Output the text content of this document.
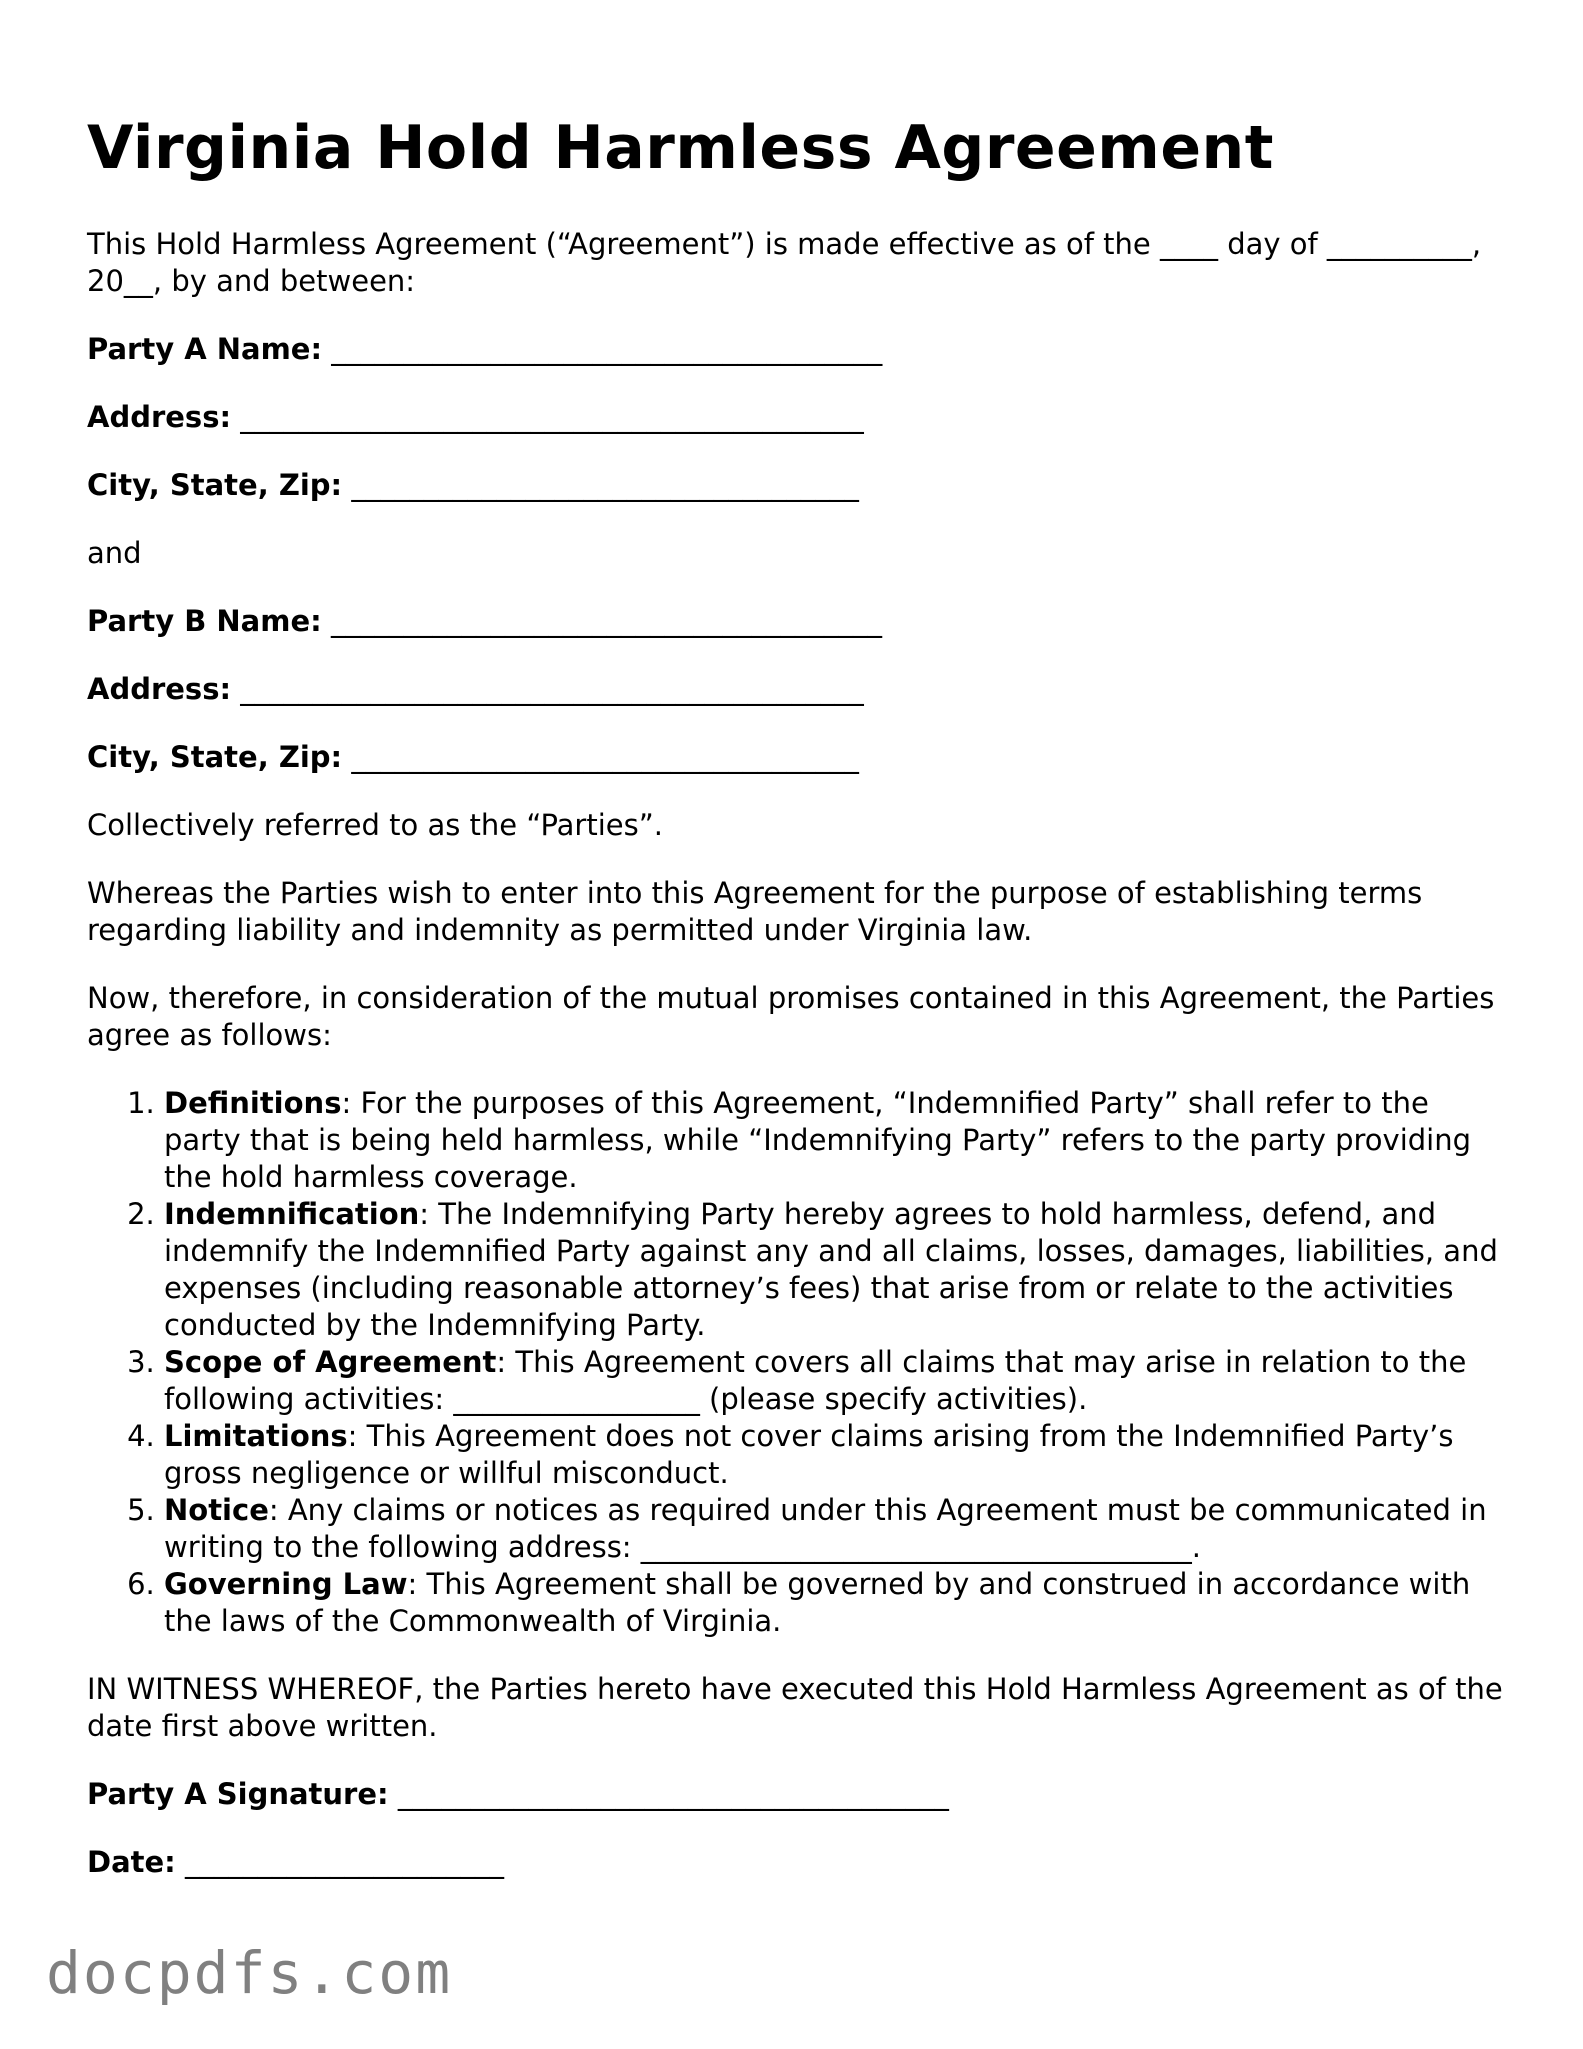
Virginia Hold Harmless Agreement

This Hold Harmless Agreement (“Agreement”) is made effective as of the ____ day of __________, 20__, by and between:

Party A Name: ______________________________________
Address: ___________________________________________
City, State, Zip: ___________________________________

and

Party B Name: ______________________________________
Address: ___________________________________________
City, State, Zip: ___________________________________

Collectively referred to as the “Parties”.

Whereas the Parties wish to enter into this Agreement for the purpose of establishing terms regarding liability and indemnity as permitted under Virginia law.

Now, therefore, in consideration of the mutual promises contained in this Agreement, the Parties agree as follows:

1. Definitions: For the purposes of this Agreement, “Indemnified Party” shall refer to the party that is being held harmless, while “Indemnifying Party” refers to the party providing the hold harmless coverage.
2. Indemnification: The Indemnifying Party hereby agrees to hold harmless, defend, and indemnify the Indemnified Party against any and all claims, losses, damages, liabilities, and expenses (including reasonable attorney’s fees) that arise from or relate to the activities conducted by the Indemnifying Party.
3. Scope of Agreement: This Agreement covers all claims that may arise in relation to the following activities: _________________ (please specify activities).
4. Limitations: This Agreement does not cover claims arising from the Indemnified Party’s gross negligence or willful misconduct.
5. Notice: Any claims or notices as required under this Agreement must be communicated in writing to the following address: ______________________________________.
6. Governing Law: This Agreement shall be governed by and construed in accordance with the laws of the Commonwealth of Virginia.

IN WITNESS WHEREOF, the Parties hereto have executed this Hold Harmless Agreement as of the date first above written.

Party A Signature: ______________________________________
Date: ______________________
docpdfs.com
